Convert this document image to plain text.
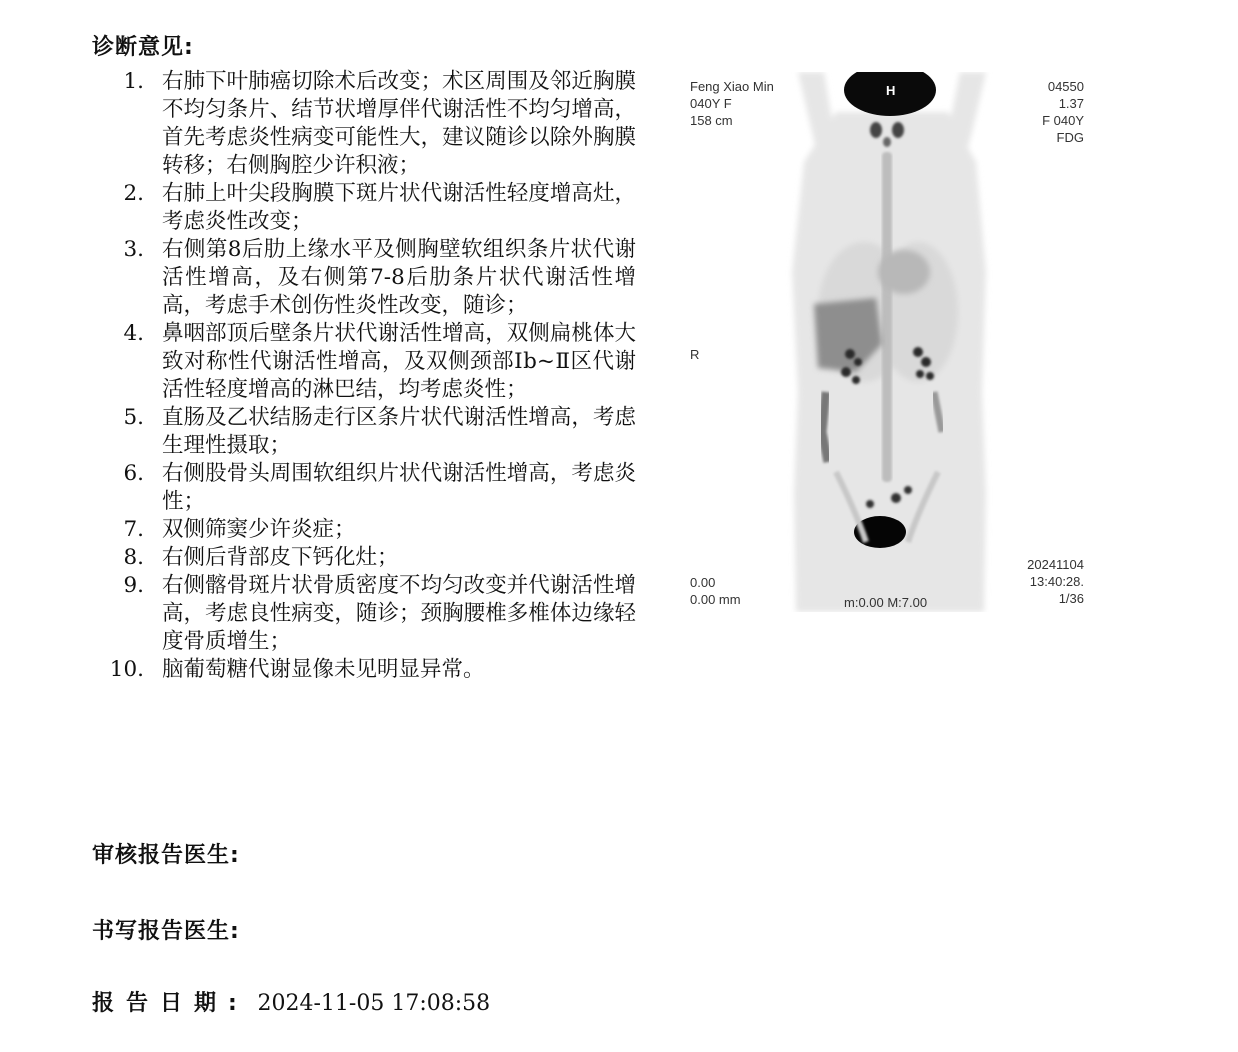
诊断意见:
1. 右肺下叶肺癌切除术后改变；术区周围及邻近胸膜不均匀条片、结节状增厚伴代谢活性不均匀增高，首先考虑炎性病变可能性大，建议随诊以除外胸膜转移；右侧胸腔少许积液；
2. 右肺上叶尖段胸膜下斑片状代谢活性轻度增高灶，考虑炎性改变；
3. 右侧第8后肋上缘水平及侧胸壁软组织条片状代谢活性增高，及右侧第7-8后肋条片状代谢活性增高，考虑手术创伤性炎性改变，随诊；
4. 鼻咽部顶后壁条片状代谢活性增高，双侧扁桃体大致对称性代谢活性增高，及双侧颈部Ⅰb~Ⅱ区代谢活性轻度增高的淋巴结，均考虑炎性；
5. 直肠及乙状结肠走行区条片状代谢活性增高，考虑生理性摄取；
6. 右侧股骨头周围软组织片状代谢活性增高，考虑炎性；
7. 双侧筛窦少许炎症；
8. 右侧后背部皮下钙化灶；
9. 右侧髂骨斑片状骨质密度不均匀改变并代谢活性增高，考虑良性病变，随诊；颈胸腰椎多椎体边缘轻度骨质增生；
10. 脑葡萄糖代谢显像未见明显异常。
Feng Xiao Min
040Y F
158 cm
04550
1.37
F 040Y
FDG
H
R
0.00
0.00 mm
20241104
13:40:28.
1/36
m:0.00 M:7.00
审核报告医生:
书写报告医生:
报告日期: 2024-11-05 17:08:58
